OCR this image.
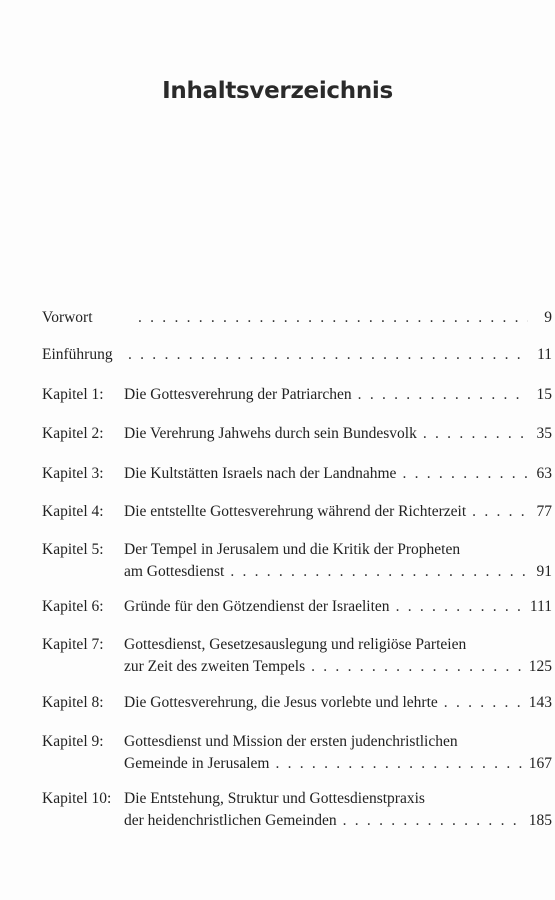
Inhaltsverzeichnis
Vorwort . . .	9
Einführung . . .	11
Kapitel 1: Die Gottesverehrung der Patriarchen . . .	15
Kapitel 2: Die Verehrung Jahwehs durch sein Bundesvolk . . .	35
Kapitel 3: Die Kultstätten Israels nach der Landnahme . . .	63
Kapitel 4: Die entstellte Gottesverehrung während der Richterzeit . . .	77
Kapitel 5: Der Tempel in Jerusalem und die Kritik der Propheten
am Gottesdienst . . .	91
Kapitel 6: Gründe für den Götzendienst der Israeliten . . .	111
Kapitel 7: Gottesdienst, Gesetzesauslegung und religiöse Parteien
zur Zeit des zweiten Tempels . . .	125
Kapitel 8: Die Gottesverehrung, die Jesus vorlebte und lehrte . . .	143
Kapitel 9: Gottesdienst und Mission der ersten judenchristlichen
Gemeinde in Jerusalem . . .	167
Kapitel 10: Die Entstehung, Struktur und Gottesdienstpraxis
der heidenchristlichen Gemeinden . . .	185
